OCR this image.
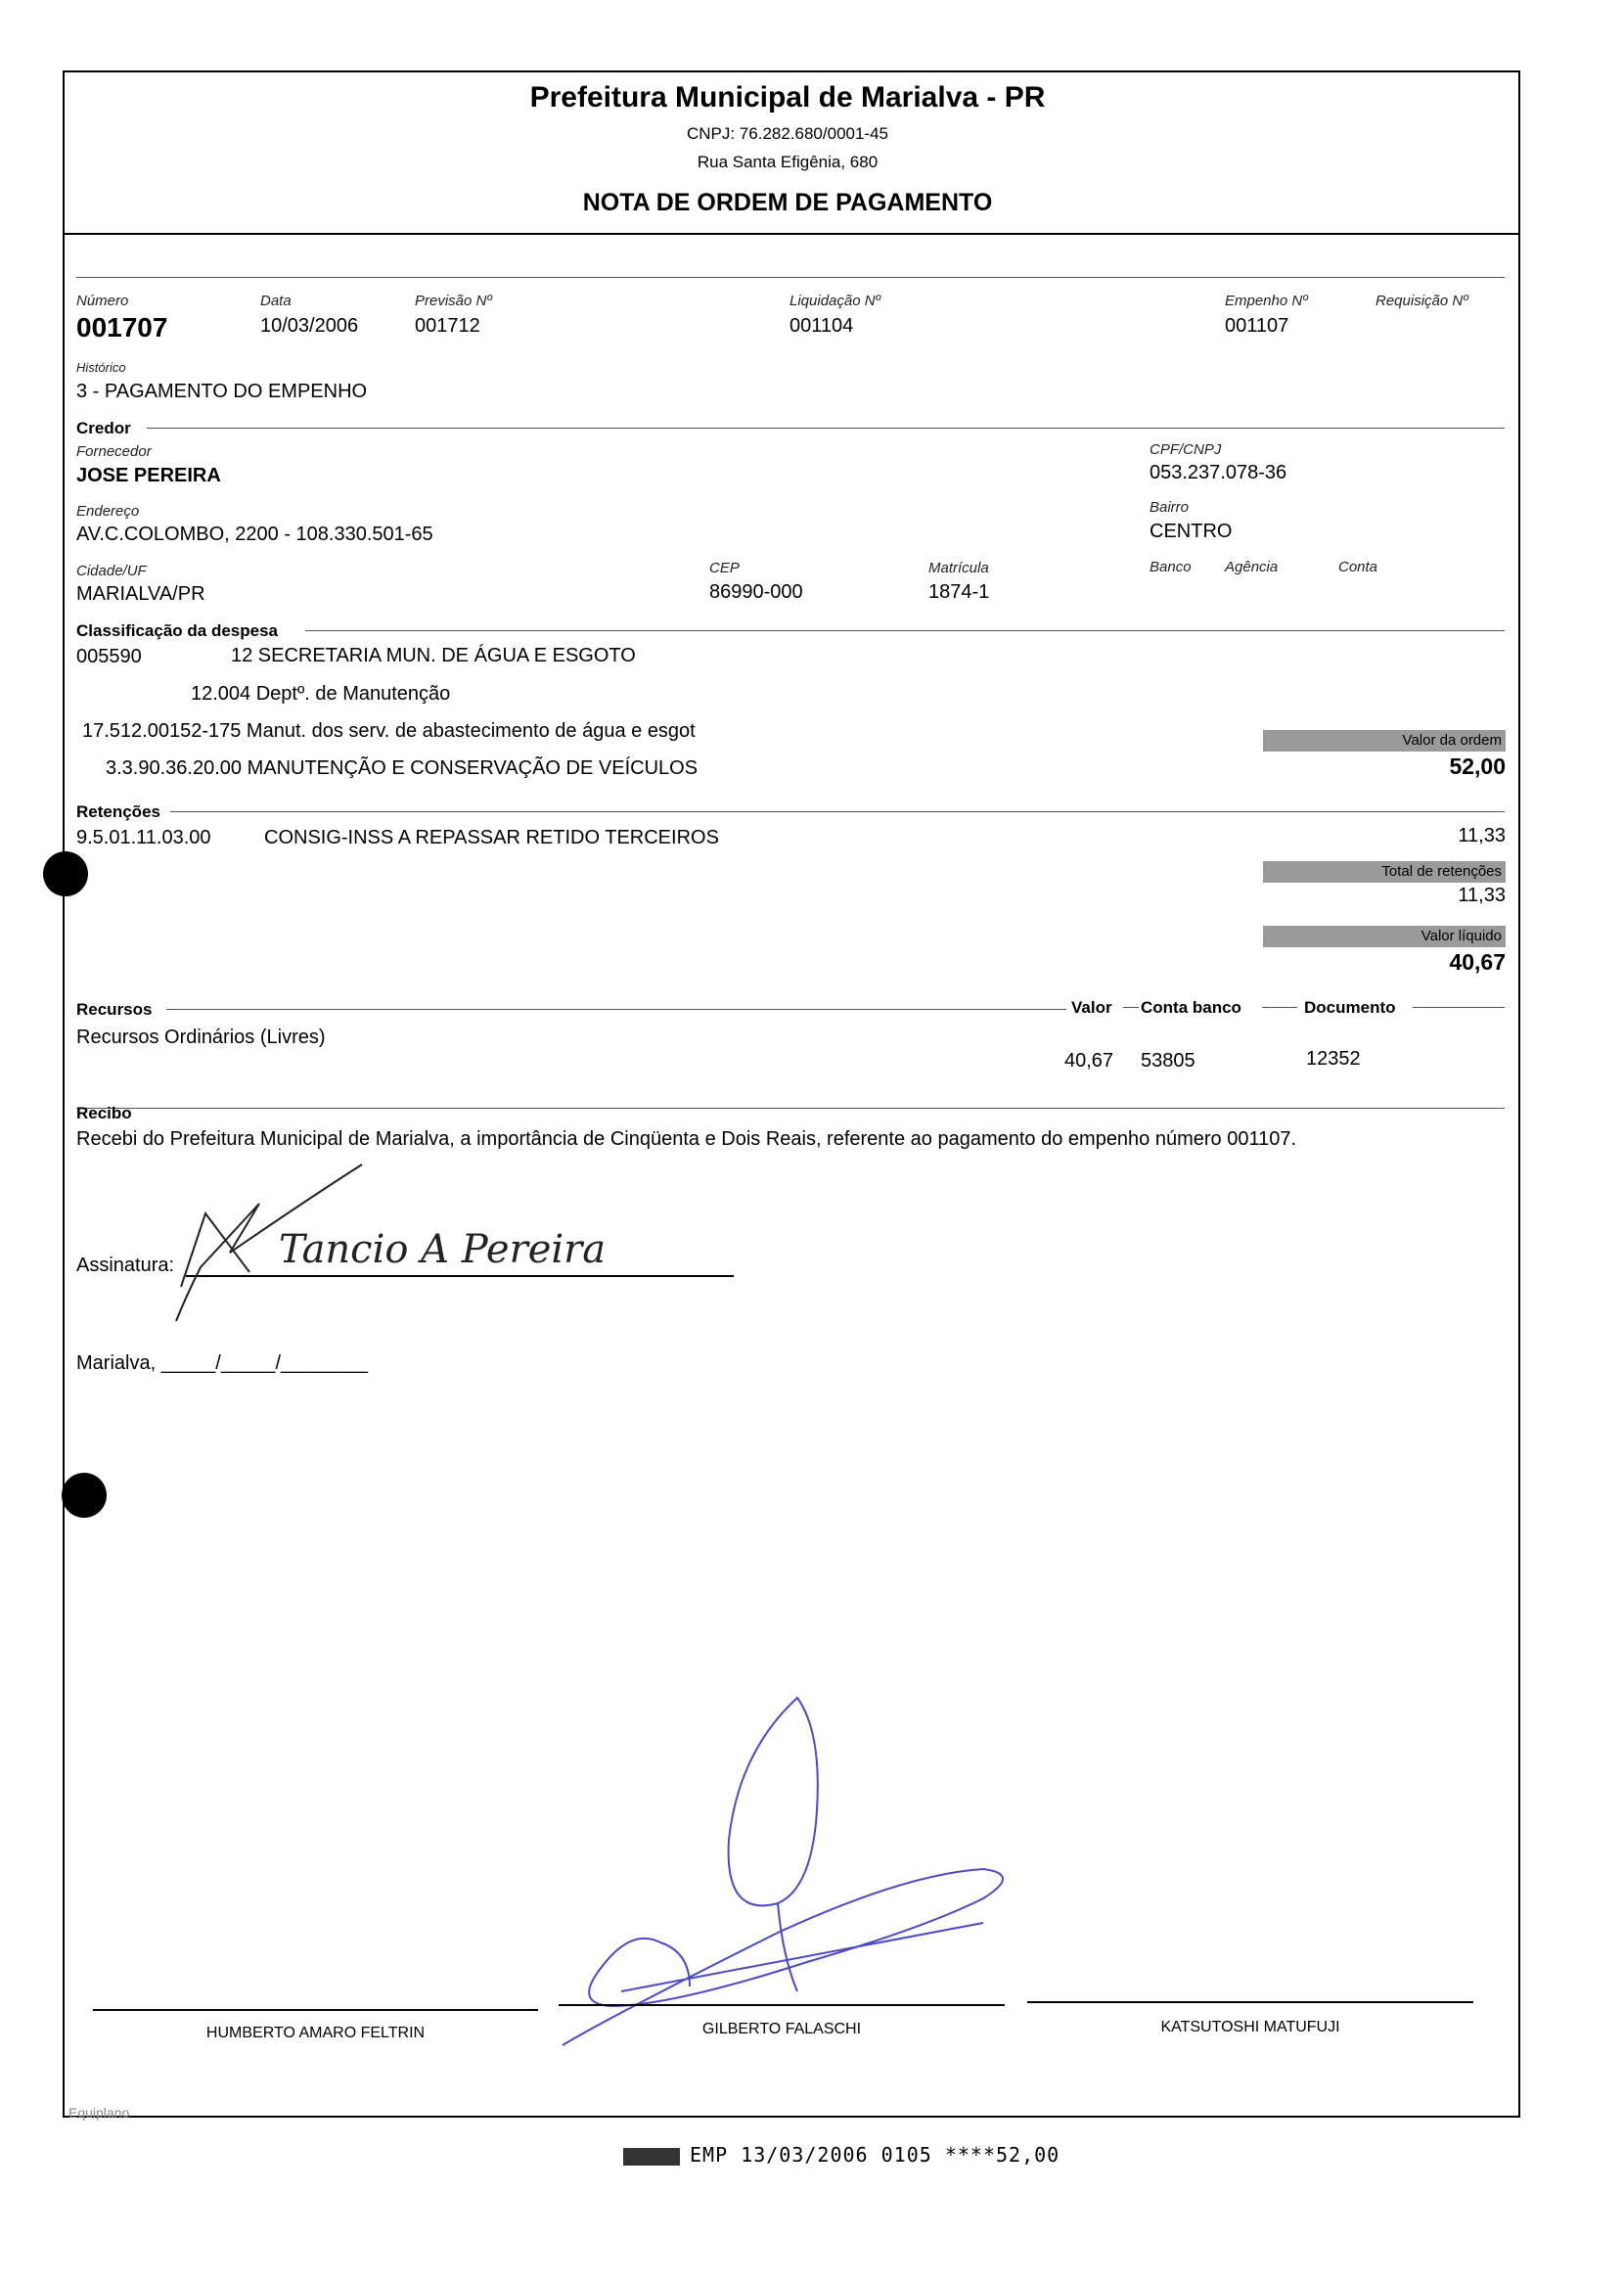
Prefeitura Municipal de Marialva - PR
CNPJ: 76.282.680/0001-45
Rua Santa Efigênia, 680
NOTA DE ORDEM DE PAGAMENTO
Número
001707
Data
10/03/2006
Previsão Nº
001712
Liquidação Nº
001104
Empenho Nº
001107
Requisição Nº
Histórico
3 - PAGAMENTO DO EMPENHO
Credor
Fornecedor
JOSE PEREIRA
CPF/CNPJ
053.237.078-36
Endereço
AV.C.COLOMBO, 2200 - 108.330.501-65
Bairro
CENTRO
Cidade/UF
MARIALVA/PR
CEP
86990-000
Matrícula
1874-1
Banco Agência	Conta
Classificação da despesa
005590	12 SECRETARIA MUN. DE ÁGUA E ESGOTO
12.004 Deptº. de Manutenção
17.512.00152-175 Manut. dos serv. de abastecimento de água e esgot
3.3.90.36.20.00 MANUTENÇÃO E CONSERVAÇÃO DE VEÍCULOS
Valor da ordem
52,00
Retenções
9.5.01.11.03.00	CONSIG-INSS A REPASSAR RETIDO TERCEIROS	11,33
Total de retenções
11,33
Valor líquido
40,67
Recursos	Valor Conta banco	Documento
Recursos Ordinários (Livres)
40,67 53805	12352
Recibo
Recebi do Prefeitura Municipal de Marialva, a importância de Cinqüenta e Dois Reais, referente ao pagamento do empenho número 001107.
Assinatura:	Tancio A Pereira
Marialva, _____/_____/________
HUMBERTO AMARO FELTRIN	GILBERTO FALASCHI	KATSUTOSHI MATUFUJI
Equiplano
EMP 13/03/2006 0105 ****52,00
